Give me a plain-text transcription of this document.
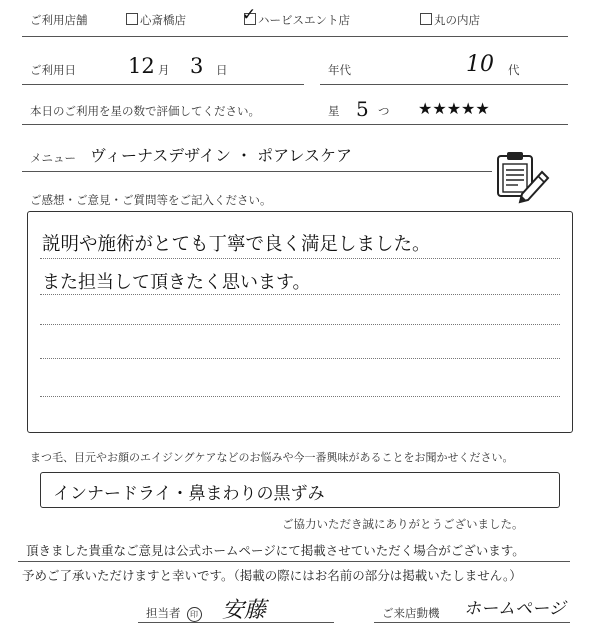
ご利用店舗	心斎橋店	✓ ハービスエント店	丸の内店
ご利用日 12 月 3 日	年代	10 代
本日のご利用を星の数で評価してください。	星 5 つ ★★★★★
メニュー ヴィーナスデザイン ・ ポアレスケア
ご感想・ご意見・ご質問等をご記入ください。
説明や施術がとても丁寧で良く満足しました。
また担当して頂きたく思います。
まつ毛、目元やお顔のエイジングケアなどのお悩みや今一番興味があることをお聞かせください。
インナードライ・鼻まわりの黒ずみ
ご協力いただき誠にありがとうございました。
頂きました貴重なご意見は公式ホームページにて掲載させていただく場合がございます。
予めご了承いただけますと幸いです。（掲載の際にはお名前の部分は掲載いたしません。）
担当者 印 安藤	ご来店動機 ホームページ
